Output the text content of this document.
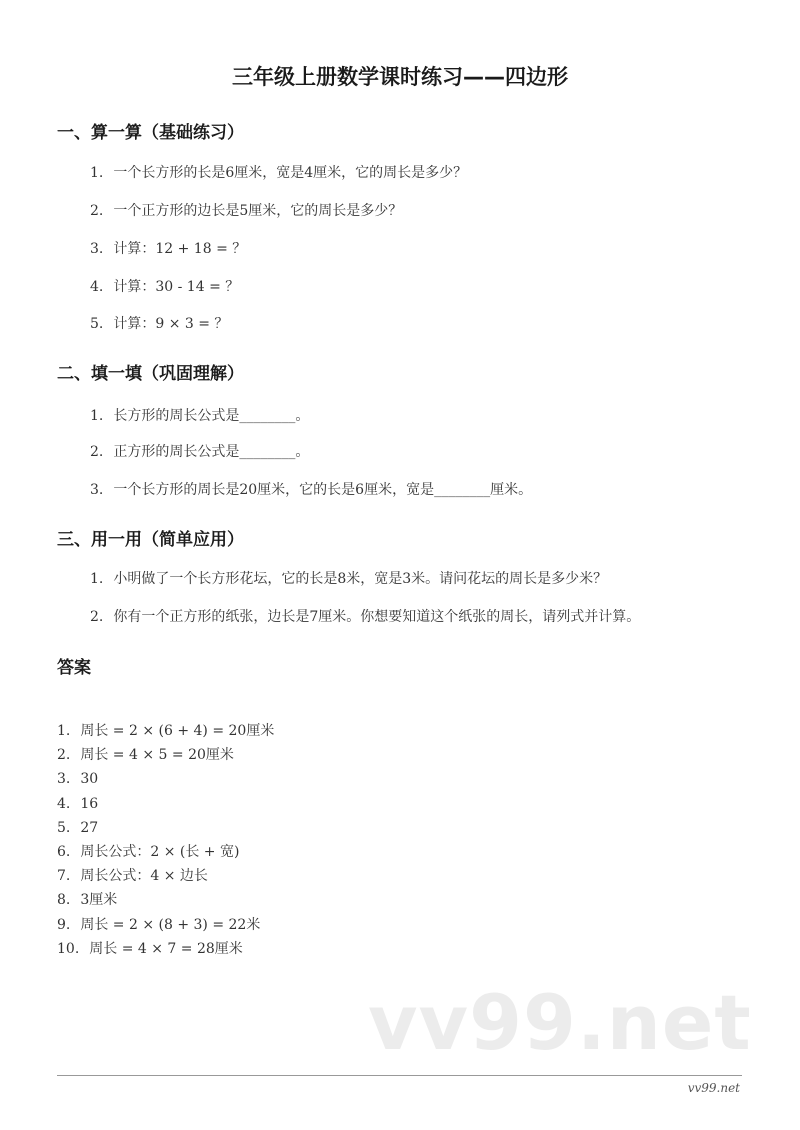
三年级上册数学课时练习——四边形
一、算一算（基础练习）
1. 一个长方形的长是6厘米，宽是4厘米，它的周长是多少？
2. 一个正方形的边长是5厘米，它的周长是多少？
3. 计算：12 + 18 = ？
4. 计算：30 - 14 = ？
5. 计算：9 × 3 = ？
二、填一填（巩固理解）
1. 长方形的周长公式是________。
2. 正方形的周长公式是________。
3. 一个长方形的周长是20厘米，它的长是6厘米，宽是________厘米。
三、用一用（简单应用）
1. 小明做了一个长方形花坛，它的长是8米，宽是3米。请问花坛的周长是多少米？
2. 你有一个正方形的纸张，边长是7厘米。你想要知道这个纸张的周长，请列式并计算。
答案
1. 周长 = 2 × (6 + 4) = 20厘米
2. 周长 = 4 × 5 = 20厘米
3. 30
4. 16
5. 27
6. 周长公式：2 × (长 + 宽)
7. 周长公式：4 × 边长
8. 3厘米
9. 周长 = 2 × (8 + 3) = 22米
10. 周长 = 4 × 7 = 28厘米
vv99.net
vv99.net
